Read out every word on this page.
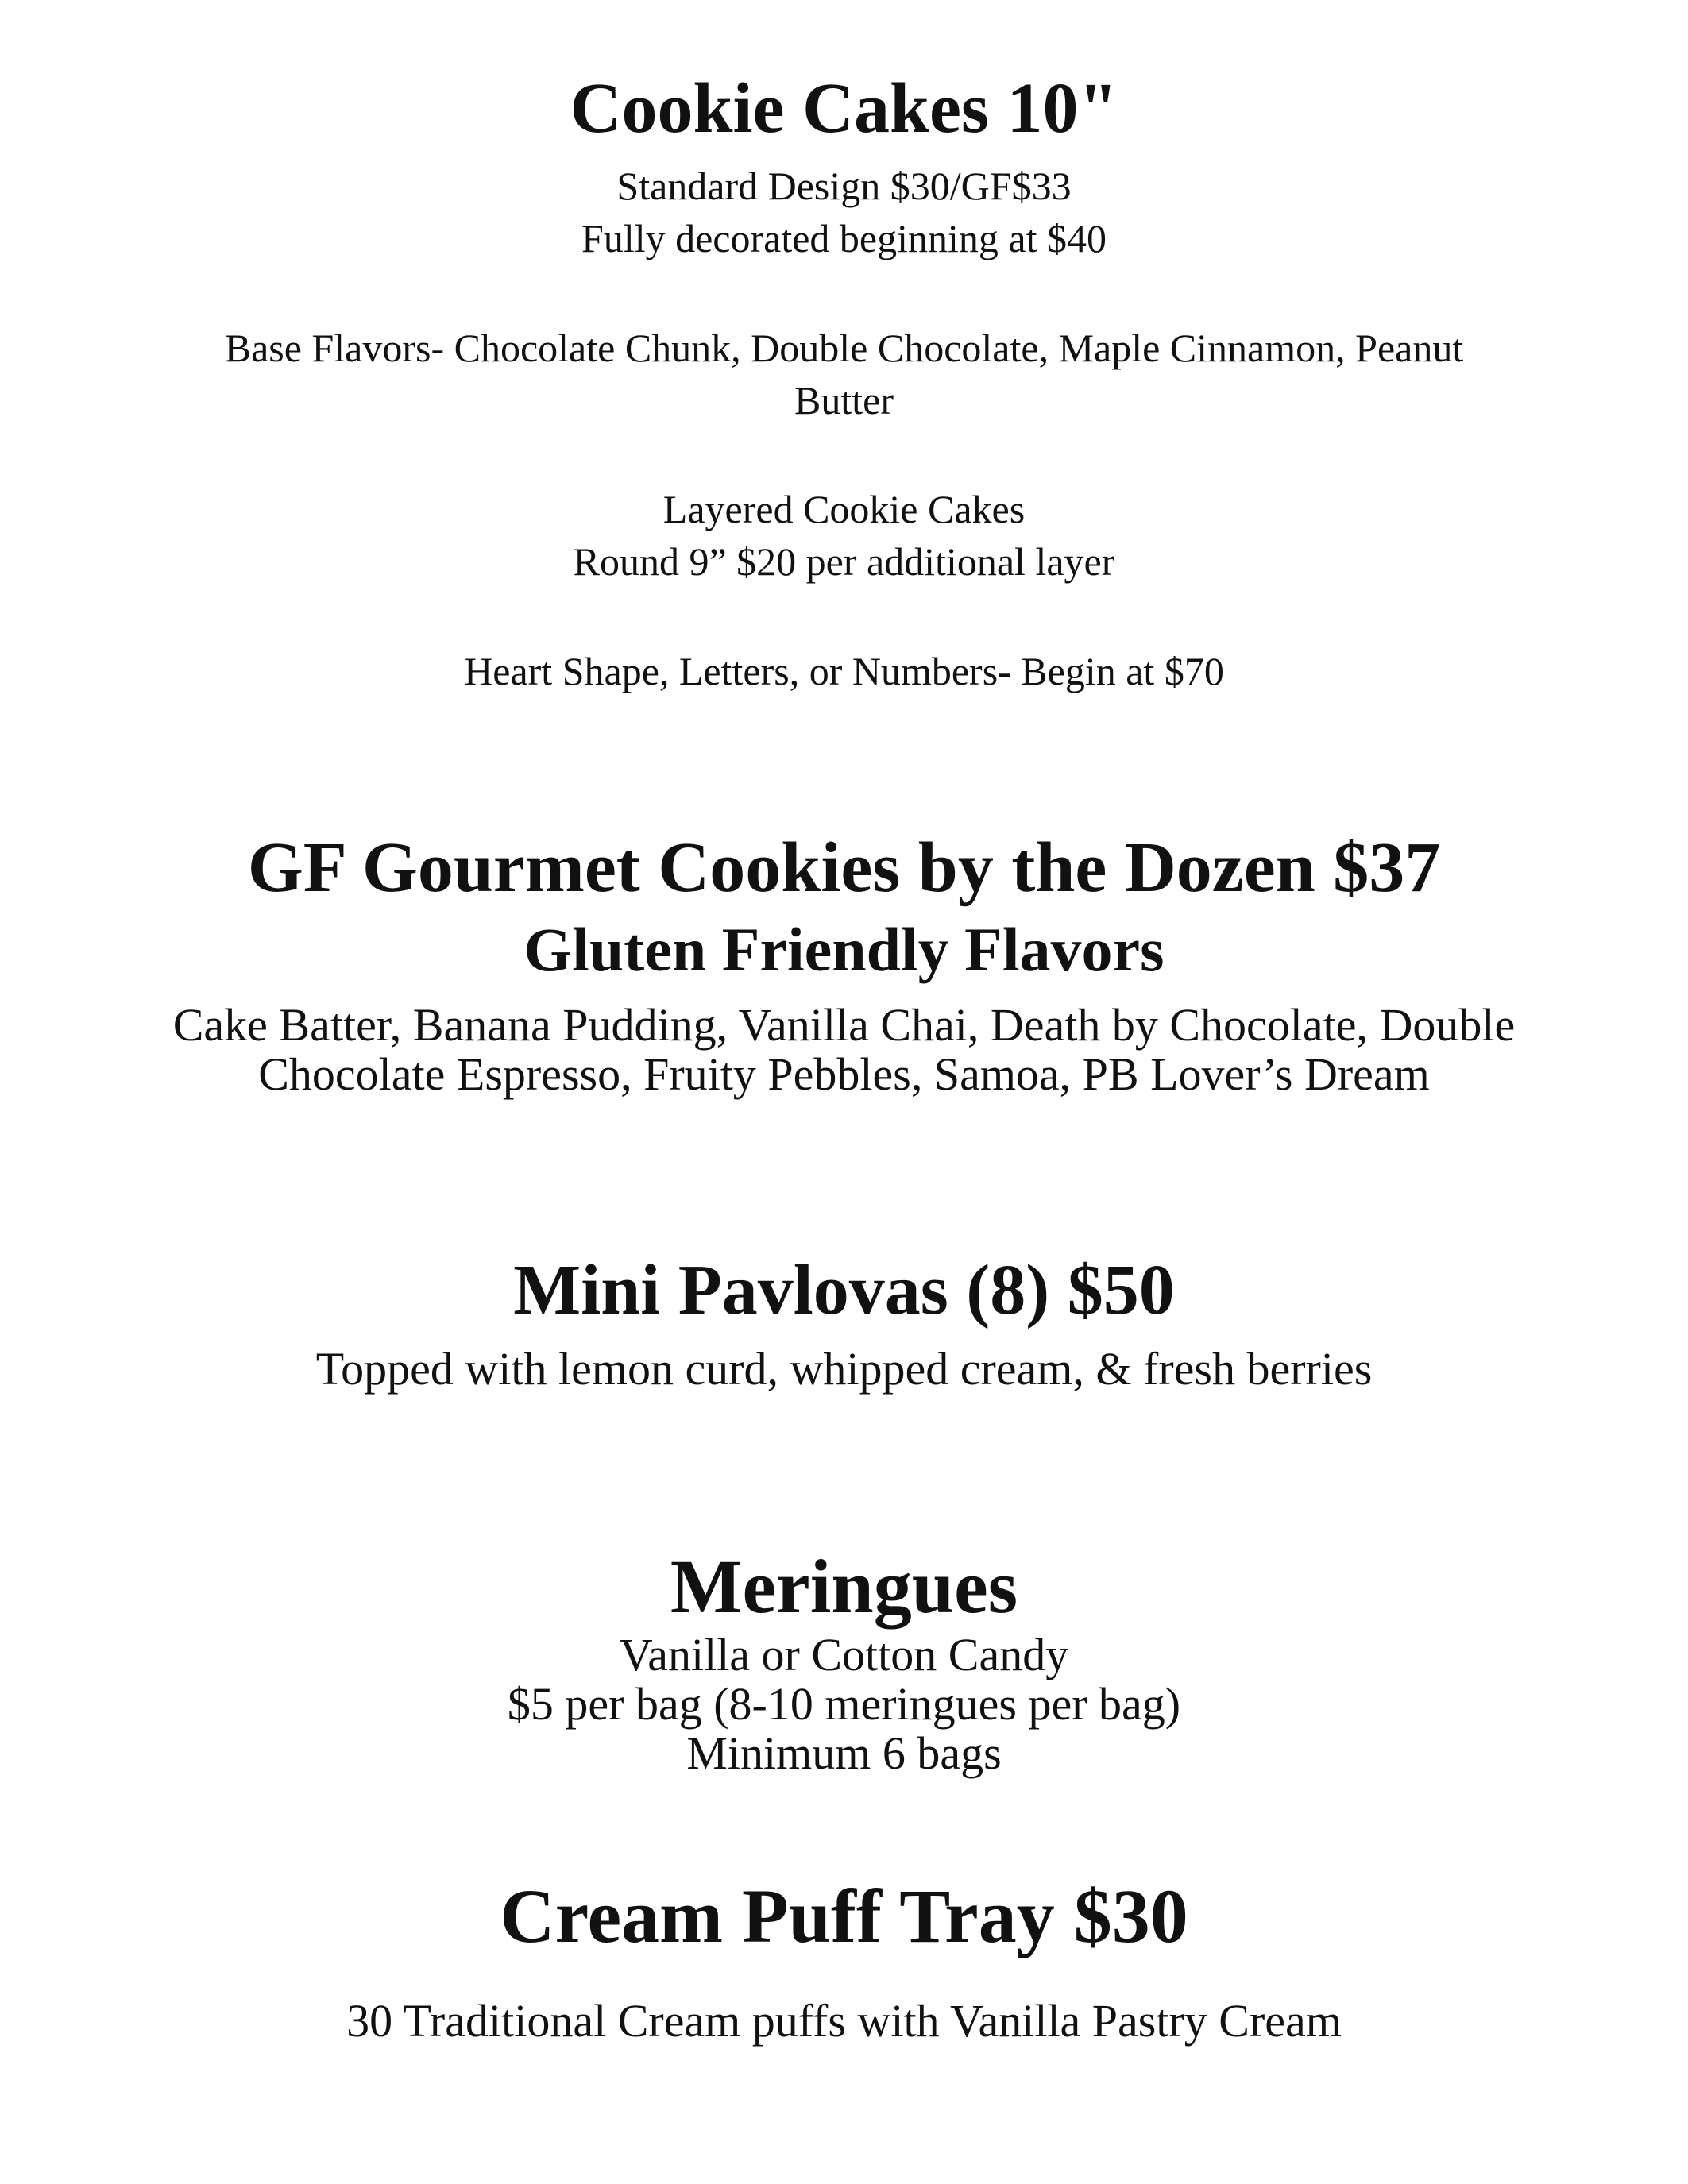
Cookie Cakes 10"
Standard Design $30/GF$33
Fully decorated beginning at $40
Base Flavors- Chocolate Chunk, Double Chocolate, Maple Cinnamon, Peanut
Butter
Layered Cookie Cakes
Round 9” $20 per additional layer
Heart Shape, Letters, or Numbers- Begin at $70
GF Gourmet Cookies by the Dozen $37
Gluten Friendly Flavors
Cake Batter, Banana Pudding, Vanilla Chai, Death by Chocolate, Double
Chocolate Espresso, Fruity Pebbles, Samoa, PB Lover’s Dream
Mini Pavlovas (8) $50
Topped with lemon curd, whipped cream, & fresh berries
Meringues
Vanilla or Cotton Candy
$5 per bag (8-10 meringues per bag)
Minimum 6 bags
Cream Puff Tray $30
30 Traditional Cream puffs with Vanilla Pastry Cream
